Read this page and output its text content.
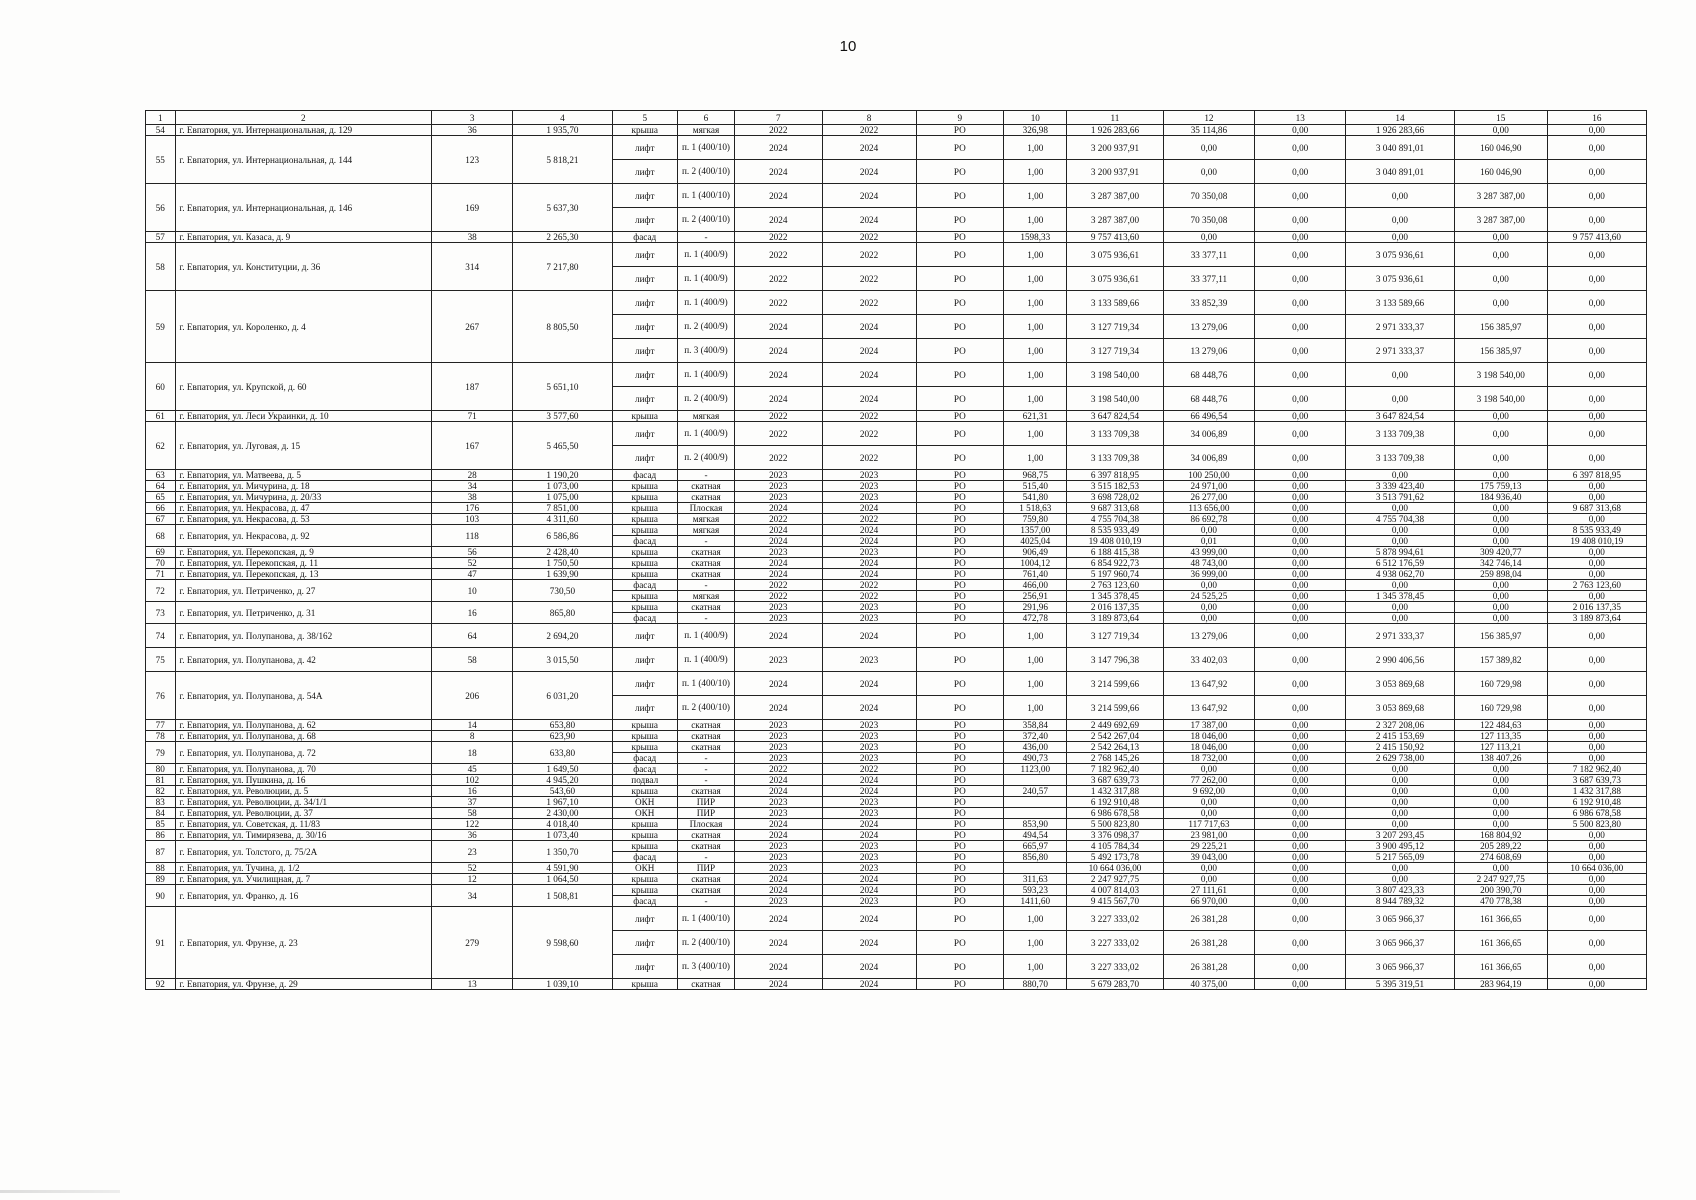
10
1	2	3	4	5	6	7	8	9	10	11	12	13	14	15	16
54	г. Евпатория, ул. Интернациональная, д. 129	36	1 935,70	крыша	мягкая	2022	2022	РО	326,98	1 926 283,66	35 114,86	0,00	1 926 283,66	0,00	0,00
55	г. Евпатория, ул. Интернациональная, д. 144	123	5 818,21	лифт	п. 1 (400/10)	2024	2024	РО	1,00	3 200 937,91	0,00	0,00	3 040 891,01	160 046,90	0,00
				лифт	п. 2 (400/10)	2024	2024	РО	1,00	3 200 937,91	0,00	0,00	3 040 891,01	160 046,90	0,00
56	г. Евпатория, ул. Интернациональная, д. 146	169	5 637,30	лифт	п. 1 (400/10)	2024	2024	РО	1,00	3 287 387,00	70 350,08	0,00	0,00	3 287 387,00	0,00
				лифт	п. 2 (400/10)	2024	2024	РО	1,00	3 287 387,00	70 350,08	0,00	0,00	3 287 387,00	0,00
57	г. Евпатория, ул. Казаса, д. 9	38	2 265,30	фасад	-	2022	2022	РО	1598,33	9 757 413,60	0,00	0,00	0,00	0,00	9 757 413,60
58	г. Евпатория, ул. Конституции, д. 36	314	7 217,80	лифт	п. 1 (400/9)	2022	2022	РО	1,00	3 075 936,61	33 377,11	0,00	3 075 936,61	0,00	0,00
				лифт	п. 1 (400/9)	2022	2022	РО	1,00	3 075 936,61	33 377,11	0,00	3 075 936,61	0,00	0,00
59	г. Евпатория, ул. Короленко, д. 4	267	8 805,50	лифт	п. 1 (400/9)	2022	2022	РО	1,00	3 133 589,66	33 852,39	0,00	3 133 589,66	0,00	0,00
				лифт	п. 2 (400/9)	2024	2024	РО	1,00	3 127 719,34	13 279,06	0,00	2 971 333,37	156 385,97	0,00
				лифт	п. 3 (400/9)	2024	2024	РО	1,00	3 127 719,34	13 279,06	0,00	2 971 333,37	156 385,97	0,00
60	г. Евпатория, ул. Крупской, д. 60	187	5 651,10	лифт	п. 1 (400/9)	2024	2024	РО	1,00	3 198 540,00	68 448,76	0,00	0,00	3 198 540,00	0,00
				лифт	п. 2 (400/9)	2024	2024	РО	1,00	3 198 540,00	68 448,76	0,00	0,00	3 198 540,00	0,00
61	г. Евпатория, ул. Леси Украинки, д. 10	71	3 577,60	крыша	мягкая	2022	2022	РО	621,31	3 647 824,54	66 496,54	0,00	3 647 824,54	0,00	0,00
62	г. Евпатория, ул. Луговая, д. 15	167	5 465,50	лифт	п. 1 (400/9)	2022	2022	РО	1,00	3 133 709,38	34 006,89	0,00	3 133 709,38	0,00	0,00
				лифт	п. 2 (400/9)	2022	2022	РО	1,00	3 133 709,38	34 006,89	0,00	3 133 709,38	0,00	0,00
63	г. Евпатория, ул. Матвеева, д. 5	28	1 190,20	фасад	-	2023	2023	РО	968,75	6 397 818,95	100 250,00	0,00	0,00	0,00	6 397 818,95
64	г. Евпатория, ул. Мичурина, д. 18	34	1 073,00	крыша	скатная	2023	2023	РО	515,40	3 515 182,53	24 971,00	0,00	3 339 423,40	175 759,13	0,00
65	г. Евпатория, ул. Мичурина, д. 20/33	38	1 075,00	крыша	скатная	2023	2023	РО	541,80	3 698 728,02	26 277,00	0,00	3 513 791,62	184 936,40	0,00
66	г. Евпатория, ул. Некрасова, д. 47	176	7 851,00	крыша	Плоская	2024	2024	РО	1 518,63	9 687 313,68	113 656,00	0,00	0,00	0,00	9 687 313,68
67	г. Евпатория, ул. Некрасова, д. 53	103	4 311,60	крыша	мягкая	2022	2022	РО	759,80	4 755 704,38	86 692,78	0,00	4 755 704,38	0,00	0,00
68	г. Евпатория, ул. Некрасова, д. 92	118	6 586,86	крыша	мягкая	2024	2024	РО	1357,00	8 535 933,49	0,00	0,00	0,00	0,00	8 535 933,49
				фасад	-	2024	2024	РО	4025,04	19 408 010,19	0,01	0,00	0,00	0,00	19 408 010,19
69	г. Евпатория, ул. Перекопская, д. 9	56	2 428,40	крыша	скатная	2023	2023	РО	906,49	6 188 415,38	43 999,00	0,00	5 878 994,61	309 420,77	0,00
70	г. Евпатория, ул. Перекопская, д. 11	52	1 750,50	крыша	скатная	2024	2024	РО	1004,12	6 854 922,73	48 743,00	0,00	6 512 176,59	342 746,14	0,00
71	г. Евпатория, ул. Перекопская, д. 13	47	1 639,90	крыша	скатная	2024	2024	РО	761,40	5 197 960,74	36 999,00	0,00	4 938 062,70	259 898,04	0,00
72	г. Евпатория, ул. Петриченко, д. 27	10	730,50	фасад	-	2022	2022	РО	466,00	2 763 123,60	0,00	0,00	0,00	0,00	2 763 123,60
				крыша	мягкая	2022	2022	РО	256,91	1 345 378,45	24 525,25	0,00	1 345 378,45	0,00	0,00
73	г. Евпатория, ул. Петриченко, д. 31	16	865,80	крыша	скатная	2023	2023	РО	291,96	2 016 137,35	0,00	0,00	0,00	0,00	2 016 137,35
				фасад	-	2023	2023	РО	472,78	3 189 873,64	0,00	0,00	0,00	0,00	3 189 873,64
74	г. Евпатория, ул. Полупанова, д. 38/162	64	2 694,20	лифт	п. 1 (400/9)	2024	2024	РО	1,00	3 127 719,34	13 279,06	0,00	2 971 333,37	156 385,97	0,00
75	г. Евпатория, ул. Полупанова, д. 42	58	3 015,50	лифт	п. 1 (400/9)	2023	2023	РО	1,00	3 147 796,38	33 402,03	0,00	2 990 406,56	157 389,82	0,00
76	г. Евпатория, ул. Полупанова, д. 54А	206	6 031,20	лифт	п. 1 (400/10)	2024	2024	РО	1,00	3 214 599,66	13 647,92	0,00	3 053 869,68	160 729,98	0,00
				лифт	п. 2 (400/10)	2024	2024	РО	1,00	3 214 599,66	13 647,92	0,00	3 053 869,68	160 729,98	0,00
77	г. Евпатория, ул. Полупанова, д. 62	14	653,80	крыша	скатная	2023	2023	РО	358,84	2 449 692,69	17 387,00	0,00	2 327 208,06	122 484,63	0,00
78	г. Евпатория, ул. Полупанова, д. 68	8	623,90	крыша	скатная	2023	2023	РО	372,40	2 542 267,04	18 046,00	0,00	2 415 153,69	127 113,35	0,00
79	г. Евпатория, ул. Полупанова, д. 72	18	633,80	крыша	скатная	2023	2023	РО	436,00	2 542 264,13	18 046,00	0,00	2 415 150,92	127 113,21	0,00
				фасад	-	2023	2023	РО	490,73	2 768 145,26	18 732,00	0,00	2 629 738,00	138 407,26	0,00
80	г. Евпатория, ул. Полупанова, д. 70	45	1 649,50	фасад	-	2022	2022	РО	1123,00	7 182 962,40	0,00	0,00	0,00	0,00	7 182 962,40
81	г. Евпатория, ул. Пушкина, д. 16	102	4 945,20	подвал	-	2024	2024	РО		3 687 639,73	77 262,00	0,00	0,00	0,00	3 687 639,73
82	г. Евпатория, ул. Революции, д. 5	16	543,60	крыша	скатная	2024	2024	РО	240,57	1 432 317,88	9 692,00	0,00	0,00	0,00	1 432 317,88
83	г. Евпатория, ул. Революции, д. 34/1/1	37	1 967,10	ОКН	ПИР	2023	2023	РО		6 192 910,48	0,00	0,00	0,00	0,00	6 192 910,48
84	г. Евпатория, ул. Революции, д. 37	58	2 430,00	ОКН	ПИР	2023	2023	РО		6 986 678,58	0,00	0,00	0,00	0,00	6 986 678,58
85	г. Евпатория, ул. Советская, д. 11/83	122	4 018,40	крыша	Плоская	2024	2024	РО	853,90	5 500 823,80	117 717,63	0,00	0,00	0,00	5 500 823,80
86	г. Евпатория, ул. Тимирязева, д. 30/16	36	1 073,40	крыша	скатная	2024	2024	РО	494,54	3 376 098,37	23 981,00	0,00	3 207 293,45	168 804,92	0,00
87	г. Евпатория, ул. Толстого, д. 75/2А	23	1 350,70	крыша	скатная	2023	2023	РО	665,97	4 105 784,34	29 225,21	0,00	3 900 495,12	205 289,22	0,00
				фасад	-	2023	2023	РО	856,80	5 492 173,78	39 043,00	0,00	5 217 565,09	274 608,69	0,00
88	г. Евпатория, ул. Тучина, д. 1/2	52	4 591,90	ОКН	ПИР	2023	2023	РО		10 664 036,00	0,00	0,00	0,00	0,00	10 664 036,00
89	г. Евпатория, ул. Училищная, д. 7	12	1 064,50	крыша	скатная	2024	2024	РО	311,63	2 247 927,75	0,00	0,00	0,00	2 247 927,75	0,00
90	г. Евпатория, ул. Франко, д. 16	34	1 508,81	крыша	скатная	2024	2024	РО	593,23	4 007 814,03	27 111,61	0,00	3 807 423,33	200 390,70	0,00
				фасад	-	2023	2023	РО	1411,60	9 415 567,70	66 970,00	0,00	8 944 789,32	470 778,38	0,00
91	г. Евпатория, ул. Фрунзе, д. 23	279	9 598,60	лифт	п. 1 (400/10)	2024	2024	РО	1,00	3 227 333,02	26 381,28	0,00	3 065 966,37	161 366,65	0,00
				лифт	п. 2 (400/10)	2024	2024	РО	1,00	3 227 333,02	26 381,28	0,00	3 065 966,37	161 366,65	0,00
				лифт	п. 3 (400/10)	2024	2024	РО	1,00	3 227 333,02	26 381,28	0,00	3 065 966,37	161 366,65	0,00
92	г. Евпатория, ул. Фрунзе, д. 29	13	1 039,10	крыша	скатная	2024	2024	РО	880,70	5 679 283,70	40 375,00	0,00	5 395 319,51	283 964,19	0,00
